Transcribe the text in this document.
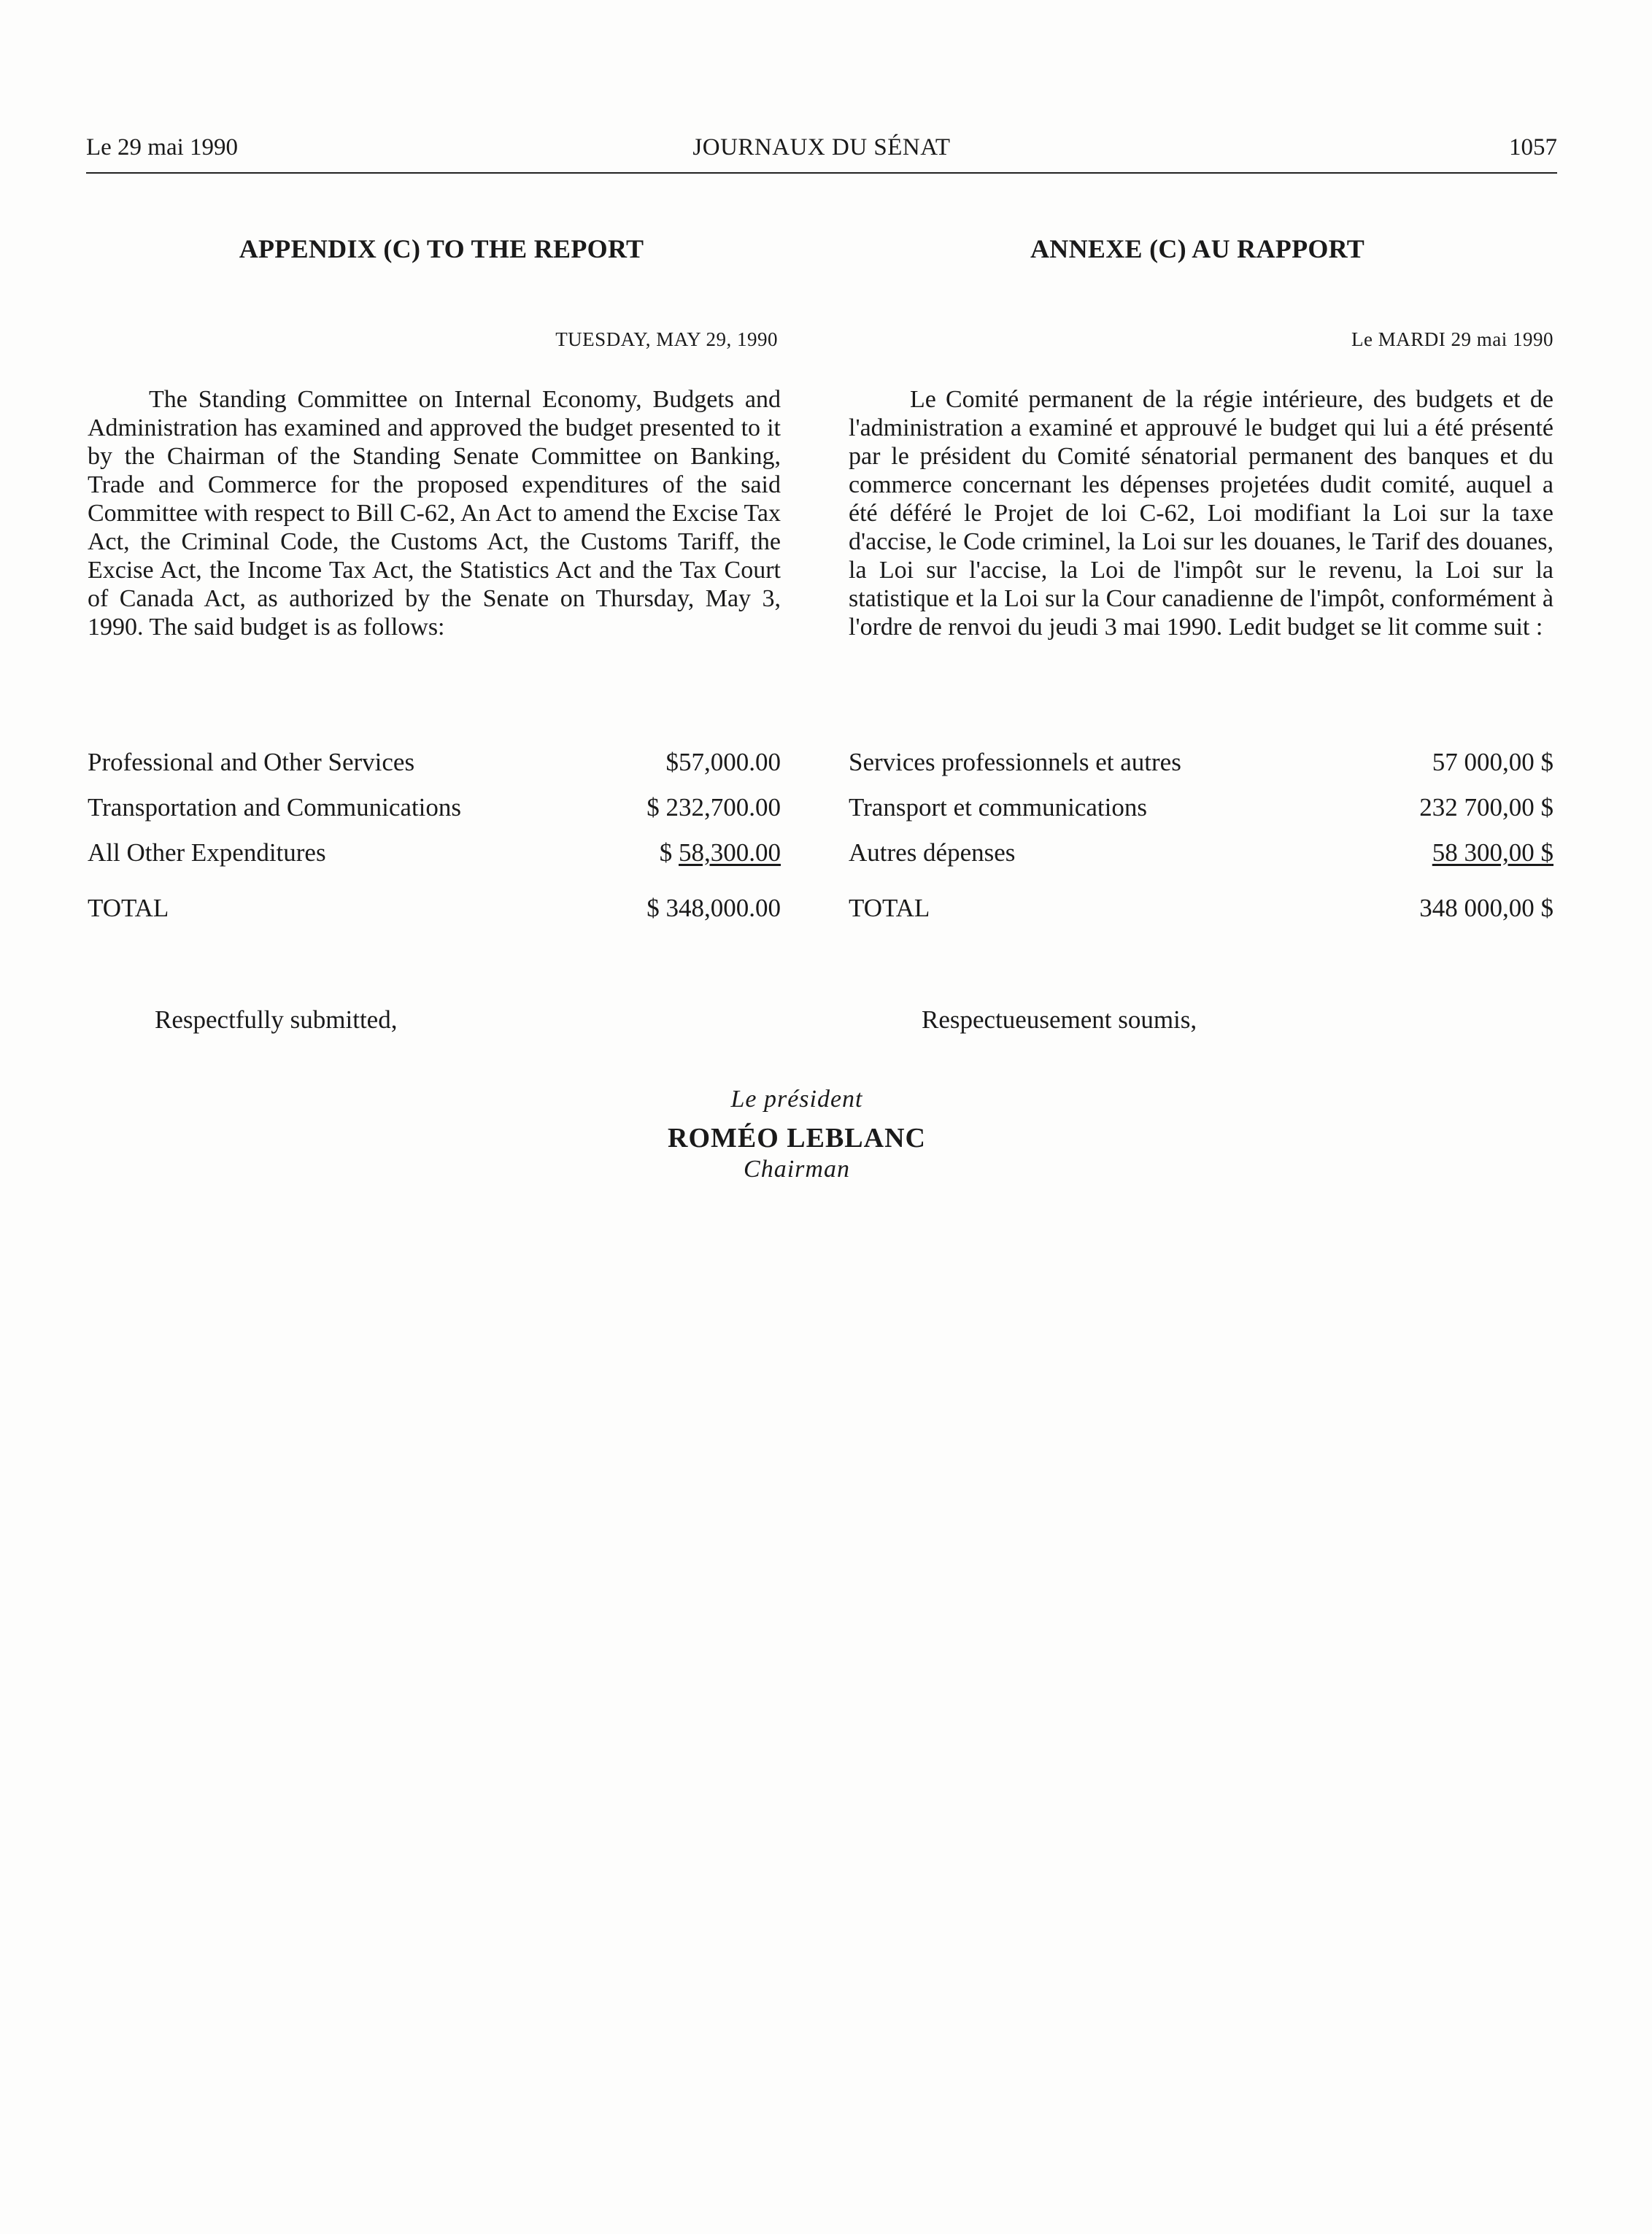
Le 29 mai 1990	JOURNAUX DU SÉNAT	1057
APPENDIX (C) TO THE REPORT
TUESDAY, MAY 29, 1990

The Standing Committee on Internal Economy, Budgets and Administration has examined and approved the budget presented to it by the Chairman of the Standing Senate Committee on Banking, Trade and Commerce for the proposed expenditures of the said Committee with respect to Bill C-62, An Act to amend the Excise Tax Act, the Criminal Code, the Customs Act, the Customs Tariff, the Excise Act, the Income Tax Act, the Statistics Act and the Tax Court of Canada Act, as authorized by the Senate on Thursday, May 3, 1990. The said budget is as follows:

Professional and Other Services	$57,000.00
Transportation and Communications	$ 232,700.00
All Other Expenditures	$ 58,300.00
TOTAL	$ 348,000.00
Respectfully submitted,
ANNEXE (C) AU RAPPORT
Le MARDI 29 mai 1990

Le Comité permanent de la régie intérieure, des budgets et de l'administration a examiné et approuvé le budget qui lui a été présenté par le président du Comité sénatorial permanent des banques et du commerce concernant les dépenses projetées dudit comité, auquel a été déféré le Projet de loi C-62, Loi modifiant la Loi sur la taxe d'accise, le Code criminel, la Loi sur les douanes, le Tarif des douanes, la Loi sur l'accise, la Loi de l'impôt sur le revenu, la Loi sur la statistique et la Loi sur la Cour canadienne de l'impôt, conformément à l'ordre de renvoi du jeudi 3 mai 1990. Ledit budget se lit comme suit :

Services professionnels et autres	57 000,00 $
Transport et communications	232 700,00 $
Autres dépenses	58 300,00 $
TOTAL	348 000,00 $
Respectueusement soumis,
Le président
ROMÉO LEBLANC
Chairman
